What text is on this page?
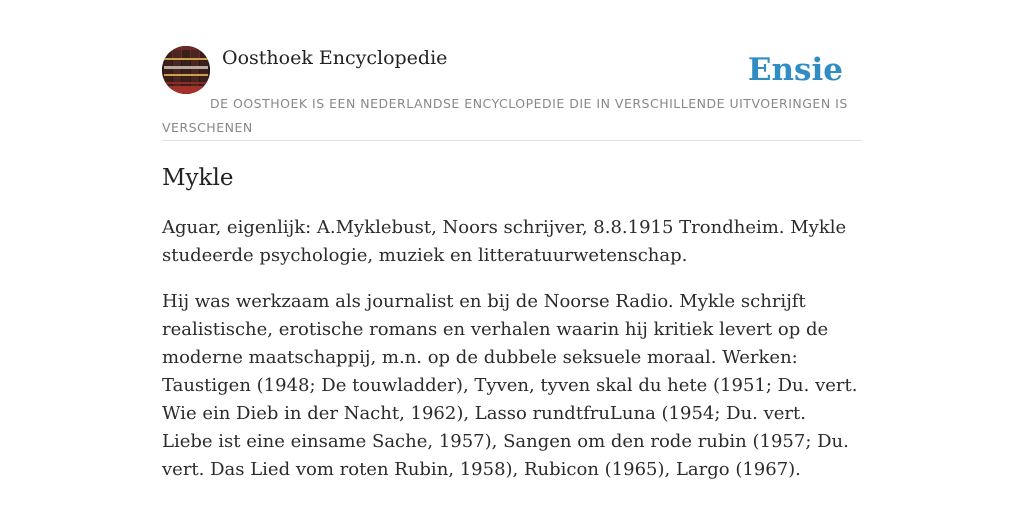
Oosthoek Encyclopedie	Ensie
DE OOSTHOEK IS EEN NEDERLANDSE ENCYCLOPEDIE DIE IN VERSCHILLENDE UITVOERINGEN IS VERSCHENEN
Mykle

Aguar, eigenlijk: A.Myklebust, Noors schrijver, 8.8.1915 Trondheim. Mykle studeerde psychologie, muziek en litteratuurwetenschap.

Hij was werkzaam als journalist en bij de Noorse Radio. Mykle schrijft realistische, erotische romans en verhalen waarin hij kritiek levert op de moderne maatschappij, m.n. op de dubbele seksuele moraal. Werken: Taustigen (1948; De touwladder), Tyven, tyven skal du hete (1951; Du. vert. Wie ein Dieb in der Nacht, 1962), Lasso rundtfruLuna (1954; Du. vert. Liebe ist eine einsame Sache, 1957), Sangen om den rode rubin (1957; Du. vert. Das Lied vom roten Rubin, 1958), Rubicon (1965), Largo (1967).
